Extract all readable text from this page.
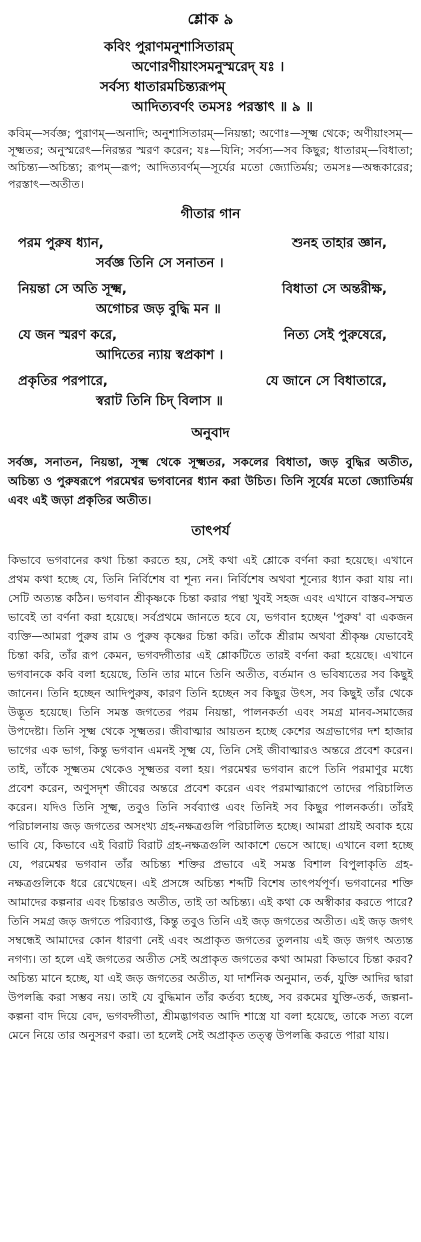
শ্লোক ৯
কবিং পুরাণমনুশাসিতারম্
অণোরণীয়াংসমনুস্মরেদ্ যঃ ।
সর্বস্য ধাতারমচিন্ত্যরূপম্
আদিত্যবর্ণং তমসঃ পরস্তাৎ ॥ ৯ ॥
কবিম্—সর্বজ্ঞ; পুরাণম্—অনাদি; অনুশাসিতারম্—নিয়ন্তা; অণোঃ—সূক্ষ্ম থেকে; অণীয়াংসম্—সূক্ষ্মতর; অনুস্মরেৎ—নিরন্তর স্মরণ করেন; যঃ—যিনি; সর্বস্য—সব কিছুর; ধাতারম্—বিধাতা; অচিন্ত্য—অচিন্ত্য; রূপম্—রূপ; আদিত্যবর্ণম্—সূর্যের মতো জ্যোতির্ময়; তমসঃ—অন্ধকারের; পরস্তাৎ—অতীত।
গীতার গান
পরম পুরুষ ধ্যান,	শুনহ তাহার জ্ঞান,
সর্বজ্ঞ তিনি সে সনাতন ।
নিয়ন্তা সে অতি সূক্ষ্ম,	বিধাতা সে অন্তরীক্ষ,
অগোচর জড় বুদ্ধি মন ॥
যে জন স্মরণ করে,	নিত্য সেই পুরুষেরে,
আদিতের ন্যায় স্বপ্রকাশ ।
প্রকৃতির পরপারে,	যে জানে সে বিধাতারে,
স্বরাট তিনি চিদ্ বিলাস ॥
অনুবাদ
সর্বজ্ঞ, সনাতন, নিয়ন্তা, সূক্ষ্ম থেকে সূক্ষ্মতর, সকলের বিধাতা, জড় বুদ্ধির অতীত, অচিন্ত্য ও পুরুষরূপে পরমেশ্বর ভগবানের ধ্যান করা উচিত। তিনি সূর্যের মতো জ্যোতির্ময় এবং এই জড়া প্রকৃতির অতীত।
তাৎপর্য
কিভাবে ভগবানের কথা চিন্তা করতে হয়, সেই কথা এই শ্লোকে বর্ণনা করা হয়েছে। এখানে প্রথম কথা হচ্ছে যে, তিনি নির্বিশেষ বা শূন্য নন। নির্বিশেষ অথবা শূন্যের ধ্যান করা যায় না। সেটি অত্যন্ত কঠিন। ভগবান শ্রীকৃষ্ণকে চিন্তা করার পন্থা খুবই সহজ এবং এখানে বাস্তব-সম্মত ভাবেই তা বর্ণনা করা হয়েছে। সর্বপ্রথমে জানতে হবে যে, ভগবান হচ্ছেন 'পুরুষ' বা একজন ব্যক্তি—আমরা পুরুষ রাম ও পুরুষ কৃষ্ণের চিন্তা করি। তাঁকে শ্রীরাম অথবা শ্রীকৃষ্ণ যেভাবেই চিন্তা করি, তাঁর রূপ কেমন, ভগবদ্গীতার এই শ্লোকটিতে তারই বর্ণনা করা হয়েছে। এখানে ভগবানকে কবি বলা হয়েছে, তিনি তার মানে তিনি অতীত, বর্তমান ও ভবিষ্যতের সব কিছুই জানেন। তিনি হচ্ছেন আদিপুরুষ, কারণ তিনি হচ্ছেন সব কিছুর উৎস, সব কিছুই তাঁর থেকে উদ্ভূত হয়েছে। তিনি সমস্ত জগতের পরম নিয়ন্তা, পালনকর্তা এবং সমগ্র মানব-সমাজের উপদেষ্টা। তিনি সূক্ষ্ম থেকে সূক্ষ্মতর। জীবাত্মার আয়তন হচ্ছে কেশের অগ্রভাগের দশ হাজার ভাগের এক ভাগ, কিন্তু ভগবান এমনই সূক্ষ্ম যে, তিনি সেই জীবাত্মারও অন্তরে প্রবেশ করেন। তাই, তাঁকে সূক্ষ্মতম থেকেও সূক্ষ্মতর বলা হয়। পরমেশ্বর ভগবান রূপে তিনি পরমাণুর মধ্যে প্রবেশ করেন, অণুসদৃশ জীবের অন্তরে প্রবেশ করেন এবং পরমাত্মারূপে তাদের পরিচালিত করেন। যদিও তিনি সূক্ষ্ম, তবুও তিনি সর্বব্যাপ্ত এবং তিনিই সব কিছুর পালনকর্তা। তাঁরই পরিচালনায় জড় জগতের অসংখ্য গ্রহ-নক্ষত্রগুলি পরিচালিত হচ্ছে। আমরা প্রায়ই অবাক হয়ে ভাবি যে, কিভাবে এই বিরাট বিরাট গ্রহ-নক্ষত্রগুলি আকাশে ভেসে আছে। এখানে বলা হচ্ছে যে, পরমেশ্বর ভগবান তাঁর অচিন্ত্য শক্তির প্রভাবে এই সমস্ত বিশাল বিপুলাকৃতি গ্রহ-নক্ষত্রগুলিকে ধরে রেখেছেন। এই প্রসঙ্গে অচিন্ত্য শব্দটি বিশেষ তাৎপর্যপূর্ণ। ভগবানের শক্তি আমাদের কল্পনার এবং চিন্তারও অতীত, তাই তা অচিন্ত্য। এই কথা কে অস্বীকার করতে পারে? তিনি সমগ্র জড় জগতে পরিব্যাপ্ত, কিন্তু তবুও তিনি এই জড় জগতের অতীত। এই জড় জগৎ সম্বন্ধেই আমাদের কোন ধারণা নেই এবং অপ্রাকৃত জগতের তুলনায় এই জড় জগৎ অত্যন্ত নগণ্য। তা হলে এই জগতের অতীত সেই অপ্রাকৃত জগতের কথা আমরা কিভাবে চিন্তা করব? অচিন্ত্য মানে হচ্ছে, যা এই জড় জগতের অতীত, যা দার্শনিক অনুমান, তর্ক, যুক্তি আদির দ্বারা উপলব্ধি করা সম্ভব নয়। তাই যে বুদ্ধিমান তাঁর কর্তব্য হচ্ছে, সব রকমের যুক্তি-তর্ক, জল্পনা-কল্পনা বাদ দিয়ে বেদ, ভগবদ্গীতা, শ্রীমদ্ভাগবত আদি শাস্ত্রে যা বলা হয়েছে, তাকে সত্য বলে মেনে নিয়ে তার অনুসরণ করা। তা হলেই সেই অপ্রাকৃত তত্ত্ব উপলব্ধি করতে পারা যায়।
